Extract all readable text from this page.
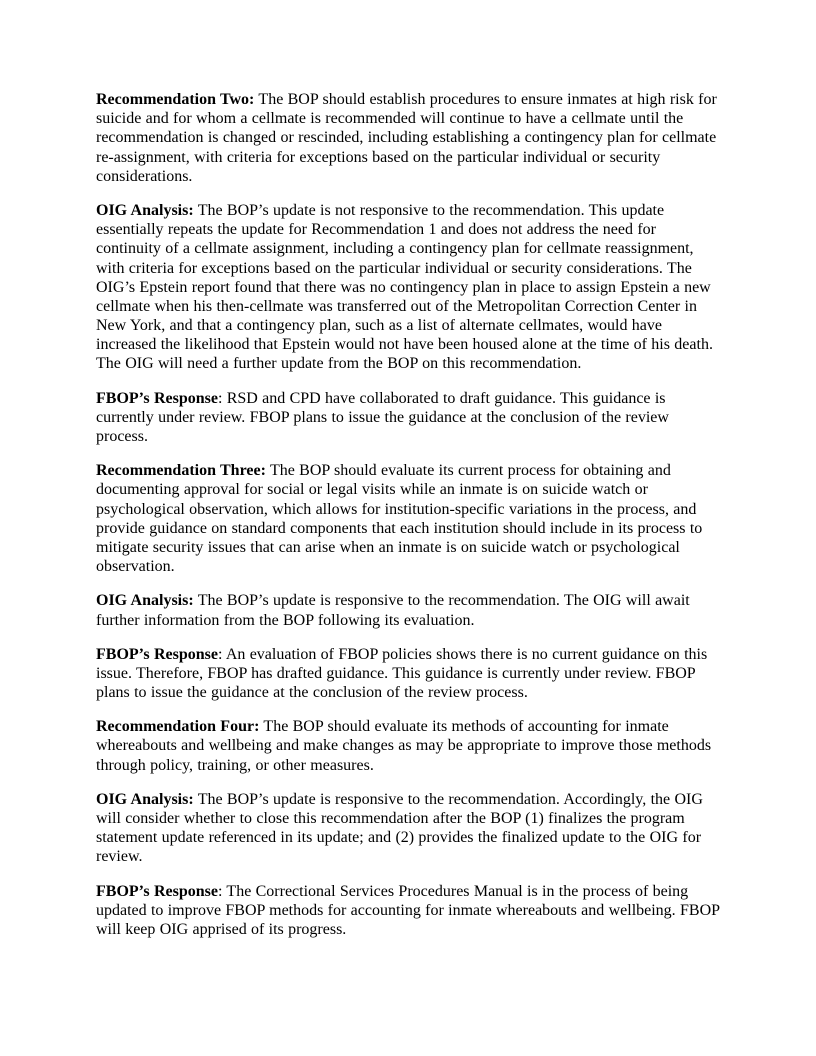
Recommendation Two: The BOP should establish procedures to ensure inmates at high risk for suicide and for whom a cellmate is recommended will continue to have a cellmate until the recommendation is changed or rescinded, including establishing a contingency plan for cellmate re-assignment, with criteria for exceptions based on the particular individual or security considerations.

OIG Analysis: The BOP’s update is not responsive to the recommendation. This update essentially repeats the update for Recommendation 1 and does not address the need for continuity of a cellmate assignment, including a contingency plan for cellmate reassignment, with criteria for exceptions based on the particular individual or security considerations. The OIG’s Epstein report found that there was no contingency plan in place to assign Epstein a new cellmate when his then-cellmate was transferred out of the Metropolitan Correction Center in New York, and that a contingency plan, such as a list of alternate cellmates, would have increased the likelihood that Epstein would not have been housed alone at the time of his death. The OIG will need a further update from the BOP on this recommendation.

FBOP’s Response: RSD and CPD have collaborated to draft guidance. This guidance is currently under review. FBOP plans to issue the guidance at the conclusion of the review process.

Recommendation Three: The BOP should evaluate its current process for obtaining and documenting approval for social or legal visits while an inmate is on suicide watch or psychological observation, which allows for institution-specific variations in the process, and provide guidance on standard components that each institution should include in its process to mitigate security issues that can arise when an inmate is on suicide watch or psychological observation.

OIG Analysis: The BOP’s update is responsive to the recommendation. The OIG will await further information from the BOP following its evaluation.

FBOP’s Response: An evaluation of FBOP policies shows there is no current guidance on this issue. Therefore, FBOP has drafted guidance. This guidance is currently under review. FBOP plans to issue the guidance at the conclusion of the review process.

Recommendation Four: The BOP should evaluate its methods of accounting for inmate whereabouts and wellbeing and make changes as may be appropriate to improve those methods through policy, training, or other measures.

OIG Analysis: The BOP’s update is responsive to the recommendation. Accordingly, the OIG will consider whether to close this recommendation after the BOP (1) finalizes the program statement update referenced in its update; and (2) provides the finalized update to the OIG for review.

FBOP’s Response: The Correctional Services Procedures Manual is in the process of being updated to improve FBOP methods for accounting for inmate whereabouts and wellbeing. FBOP will keep OIG apprised of its progress.
